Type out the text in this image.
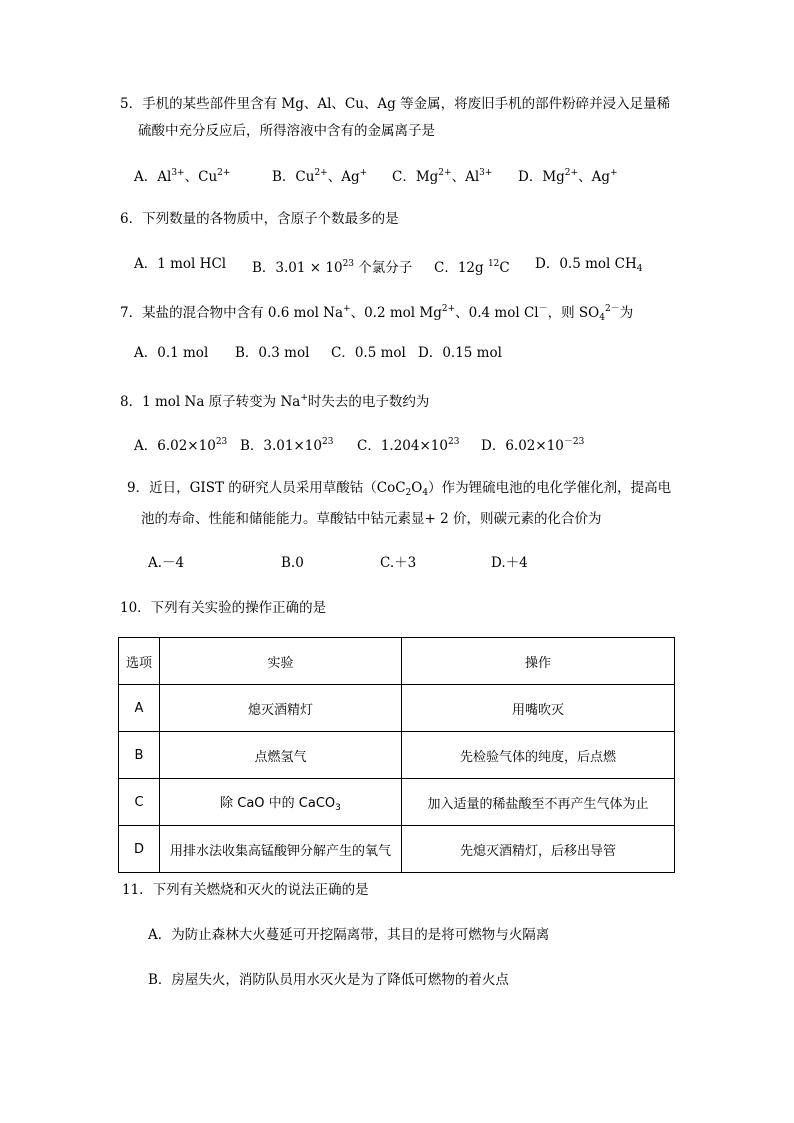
5．手机的某些部件里含有 Mg、Al、Cu、Ag 等金属，将废旧手机的部件粉碎并浸入足量稀
硫酸中充分反应后，所得溶液中含有的金属离子是
A．$Al^{3+}$、$Cu^{2+}$	B．$Cu^{2+}$、Ag+ C．$Mg^{2+}$、$Al^{3+}$ D．$Mg^{2+}$、Ag+
6．下列数量的各物质中，含原子个数最多的是
A．1 mol HCl B．$3.01 \times 10^{23}$ 个氯分子 C．12g $^{12}$C D．0.5 mol $CH_4$
7．某盐的混合物中含有 0.6 mol Na+、0.2 mol $Mg^{2+}$、0.4 mol Cl－，则 $SO_4^{2-}$为
A．0.1 mol B．0.3 mol C．0.5 mol D．0.15 mol
8．1 mol Na 原子转变为 Na+时失去的电子数约为
A．$6.02\times 10^{23}$ B．$3.01\times 10^{23}$ C．$1.204\times 10^{23}$ D．$6.02\times 10^{-23}$
9．近日，GIST 的研究人员采用草酸钴$(CoC_2O_4)$作为锂硫电池的电化学催化剂，提高电
池的寿命、性能和储能能力。草酸钴中钴元素显+ 2 价，则碳元素的化合价为
A.－4	B.0	C.＋3	D.＋4
10．下列有关实验的操作正确的是
选项	实验	操作
A	熄灭酒精灯	用嘴吹灭
B	点燃氢气	先检验气体的纯度，后点燃
C	除 CaO 中的 CaCO$_3$	加入适量的稀盐酸至不再产生气体为止
D	用排水法收集高锰酸钾分解产生的氧气	先熄灭酒精灯，后移出导管
11．下列有关燃烧和灭火的说法正确的是
A．为防止森林大火蔓延可开挖隔离带，其目的是将可燃物与火隔离
B．房屋失火，消防队员用水灭火是为了降低可燃物的着火点
